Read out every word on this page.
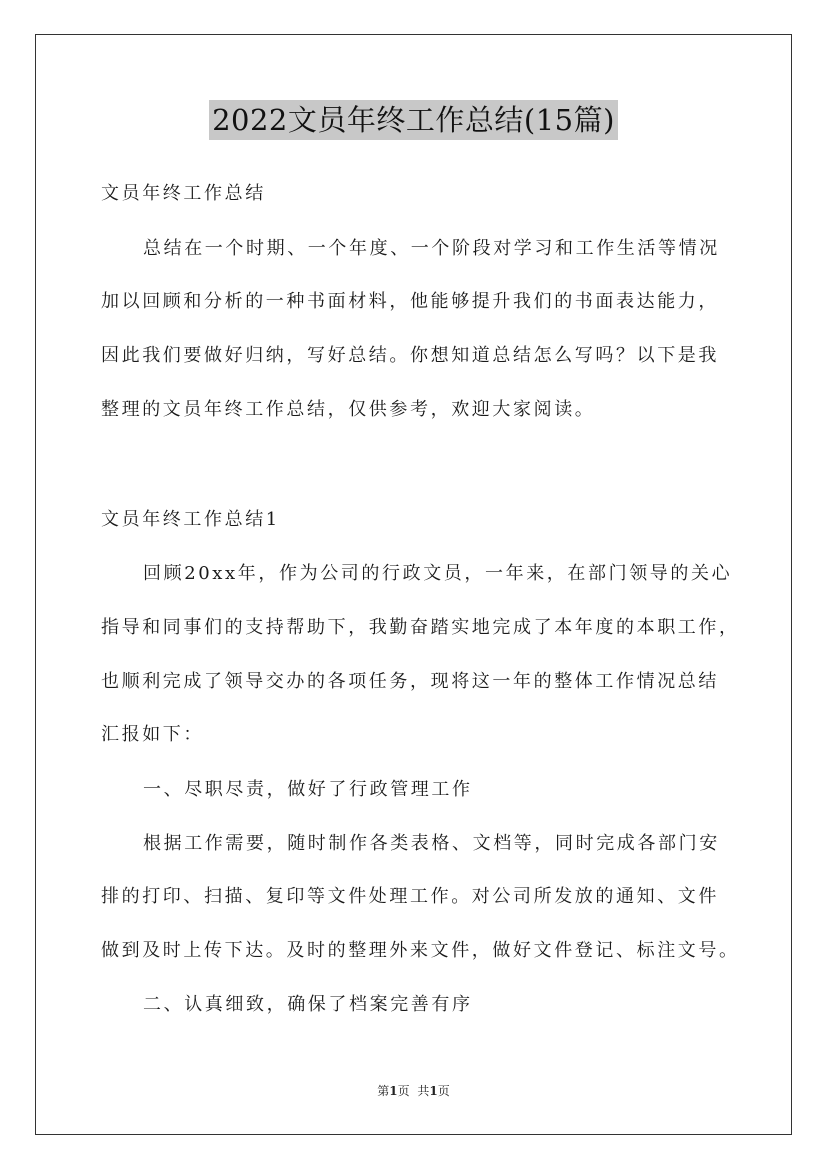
2022文员年终工作总结(15篇)
文员年终工作总结
总结在一个时期、一个年度、一个阶段对学习和工作生活等情况
加以回顾和分析的一种书面材料，他能够提升我们的书面表达能力，
因此我们要做好归纳，写好总结。你想知道总结怎么写吗？以下是我
整理的文员年终工作总结，仅供参考，欢迎大家阅读。
文员年终工作总结1
回顾20xx年，作为公司的行政文员，一年来，在部门领导的关心
指导和同事们的支持帮助下，我勤奋踏实地完成了本年度的本职工作，
也顺利完成了领导交办的各项任务，现将这一年的整体工作情况总结
汇报如下：
一、尽职尽责，做好了行政管理工作
根据工作需要，随时制作各类表格、文档等，同时完成各部门安
排的打印、扫描、复印等文件处理工作。对公司所发放的通知、文件
做到及时上传下达。及时的整理外来文件，做好文件登记、标注文号。
二、认真细致，确保了档案完善有序
第1页 共1页
